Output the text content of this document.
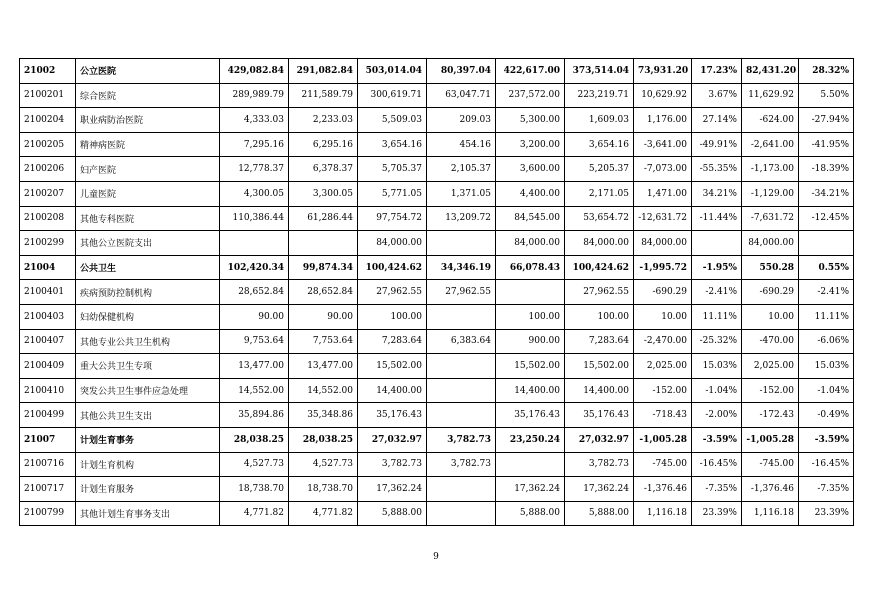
21002	公立医院	429,082.84	291,082.84	503,014.04	80,397.04	422,617.00	373,514.04	73,931.20	17.23%	82,431.20	28.32%
2100201	综合医院	289,989.79	211,589.79	300,619.71	63,047.71	237,572.00	223,219.71	10,629.92	3.67%	11,629.92	5.50%
2100204	职业病防治医院	4,333.03	2,233.03	5,509.03	209.03	5,300.00	1,609.03	1,176.00	27.14%	-624.00	-27.94%
2100205	精神病医院	7,295.16	6,295.16	3,654.16	454.16	3,200.00	3,654.16	-3,641.00	-49.91%	-2,641.00	-41.95%
2100206	妇产医院	12,778.37	6,378.37	5,705.37	2,105.37	3,600.00	5,205.37	-7,073.00	-55.35%	-1,173.00	-18.39%
2100207	儿童医院	4,300.05	3,300.05	5,771.05	1,371.05	4,400.00	2,171.05	1,471.00	34.21%	-1,129.00	-34.21%
2100208	其他专科医院	110,386.44	61,286.44	97,754.72	13,209.72	84,545.00	53,654.72	-12,631.72	-11.44%	-7,631.72	-12.45%
2100299	其他公立医院支出			84,000.00		84,000.00	84,000.00	84,000.00		84,000.00	
21004	公共卫生	102,420.34	99,874.34	100,424.62	34,346.19	66,078.43	100,424.62	-1,995.72	-1.95%	550.28	0.55%
2100401	疾病预防控制机构	28,652.84	28,652.84	27,962.55	27,962.55		27,962.55	-690.29	-2.41%	-690.29	-2.41%
2100403	妇幼保健机构	90.00	90.00	100.00		100.00	100.00	10.00	11.11%	10.00	11.11%
2100407	其他专业公共卫生机构	9,753.64	7,753.64	7,283.64	6,383.64	900.00	7,283.64	-2,470.00	-25.32%	-470.00	-6.06%
2100409	重大公共卫生专项	13,477.00	13,477.00	15,502.00		15,502.00	15,502.00	2,025.00	15.03%	2,025.00	15.03%
2100410	突发公共卫生事件应急处理	14,552.00	14,552.00	14,400.00		14,400.00	14,400.00	-152.00	-1.04%	-152.00	-1.04%
2100499	其他公共卫生支出	35,894.86	35,348.86	35,176.43		35,176.43	35,176.43	-718.43	-2.00%	-172.43	-0.49%
21007	计划生育事务	28,038.25	28,038.25	27,032.97	3,782.73	23,250.24	27,032.97	-1,005.28	-3.59%	-1,005.28	-3.59%
2100716	计划生育机构	4,527.73	4,527.73	3,782.73	3,782.73		3,782.73	-745.00	-16.45%	-745.00	-16.45%
2100717	计划生育服务	18,738.70	18,738.70	17,362.24		17,362.24	17,362.24	-1,376.46	-7.35%	-1,376.46	-7.35%
2100799	其他计划生育事务支出	4,771.82	4,771.82	5,888.00		5,888.00	5,888.00	1,116.18	23.39%	1,116.18	23.39%
9
